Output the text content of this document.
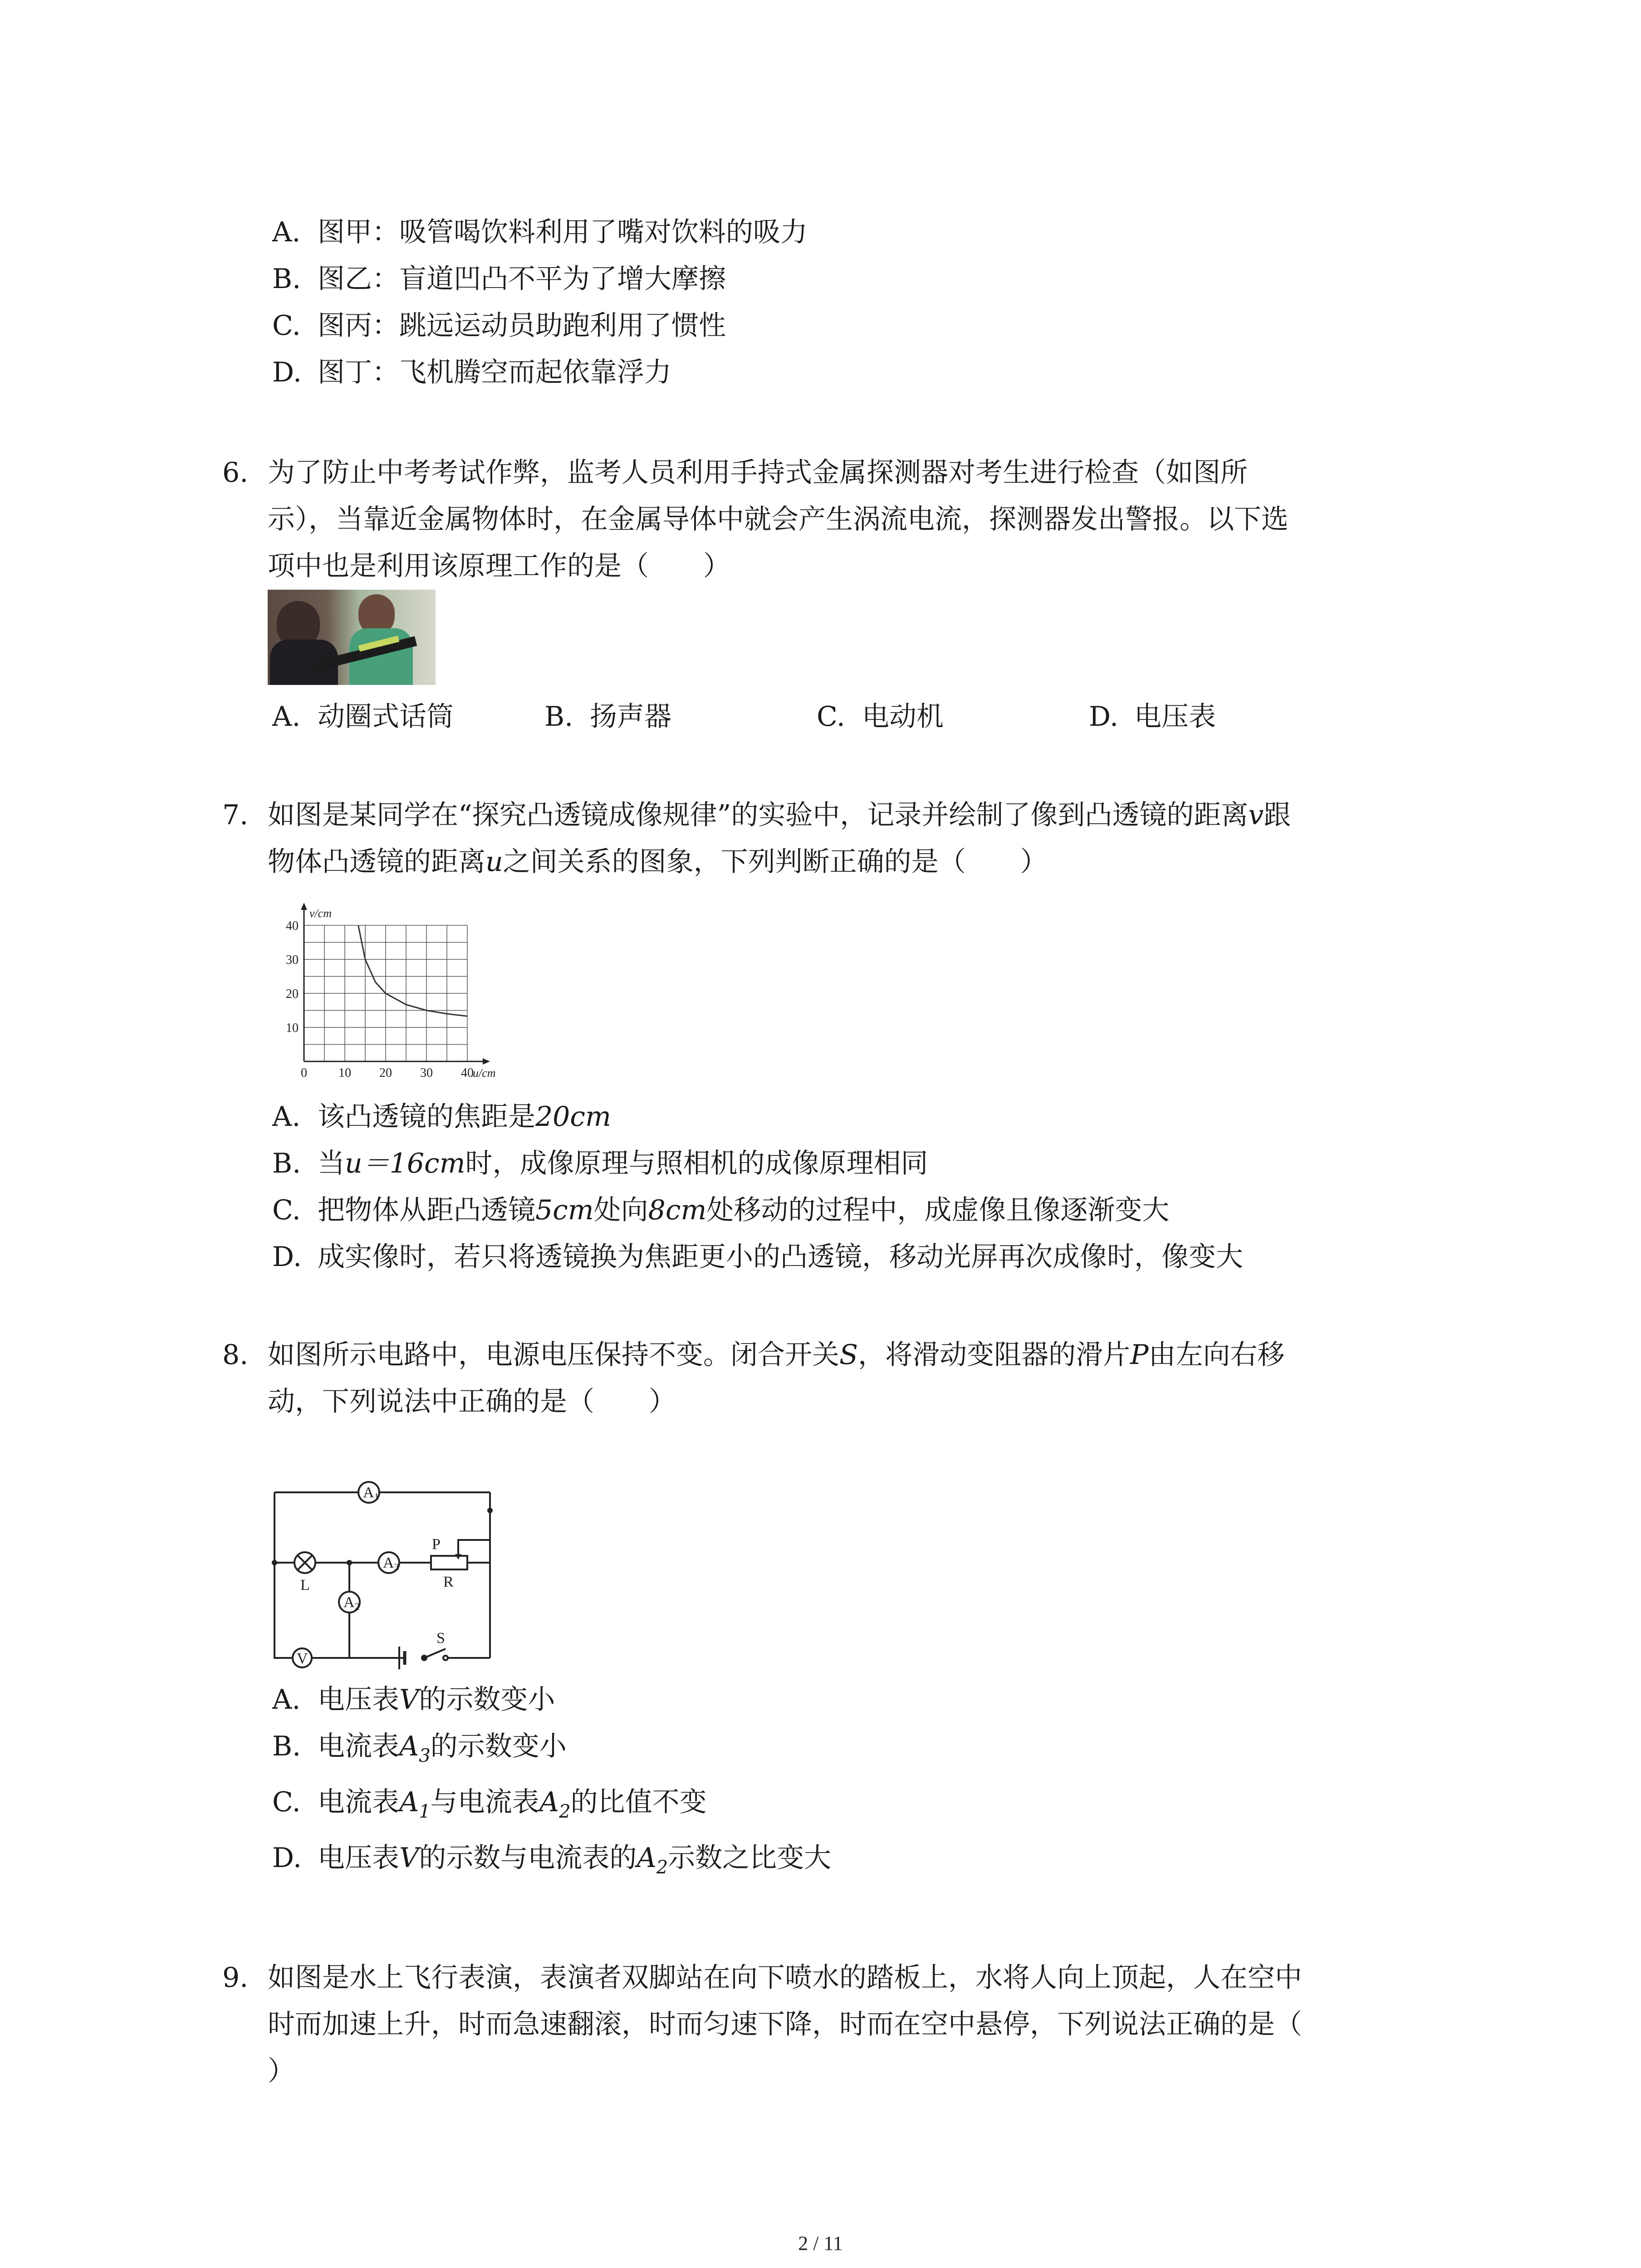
A. 图甲：吸管喝饮料利用了嘴对饮料的吸力
B. 图乙：盲道凹凸不平为了增大摩擦
C. 图丙：跳远运动员助跑利用了惯性
D. 图丁：飞机腾空而起依靠浮力
6. 为了防止中考考试作弊，监考人员利用手持式金属探测器对考生进行检查（如图所
示），当靠近金属物体时，在金属导体中就会产生涡流电流，探测器发出警报。以下选
项中也是利用该原理工作的是（　　）
A. 动圈式话筒	B. 扬声器	C. 电动机	D. 电压表
7. 如图是某同学在“探究凸透镜成像规律”的实验中，记录并绘制了像到凸透镜的距离v跟
物体凸透镜的距离u之间关系的图象，下列判断正确的是（　　）
0 10 20 30 40
10
20
30
40
u/cm
v/cm
A. 该凸透镜的焦距是20cm
B. 当u＝16cm时，成像原理与照相机的成像原理相同
C. 把物体从距凸透镜5cm处向8cm处移动的过程中，成虚像且像逐渐变大
D. 成实像时，若只将透镜换为焦距更小的凸透镜，移动光屏再次成像时，像变大
8. 如图所示电路中，电源电压保持不变。闭合开关S，将滑动变阻器的滑片P由左向右移
动，下列说法中正确的是（　　）
A1
A3
A2
V
P
R
L
S
A. 电压表V的示数变小
B. 电流表$A_3$的示数变小
C. 电流表$A_1$与电流表$A_2$的比值不变
D. 电压表V的示数与电流表的$A_2$示数之比变大
9. 如图是水上飞行表演，表演者双脚站在向下喷水的踏板上，水将人向上顶起，人在空中
时而加速上升，时而急速翻滚，时而匀速下降，时而在空中悬停，下列说法正确的是（
）
2 / 11
